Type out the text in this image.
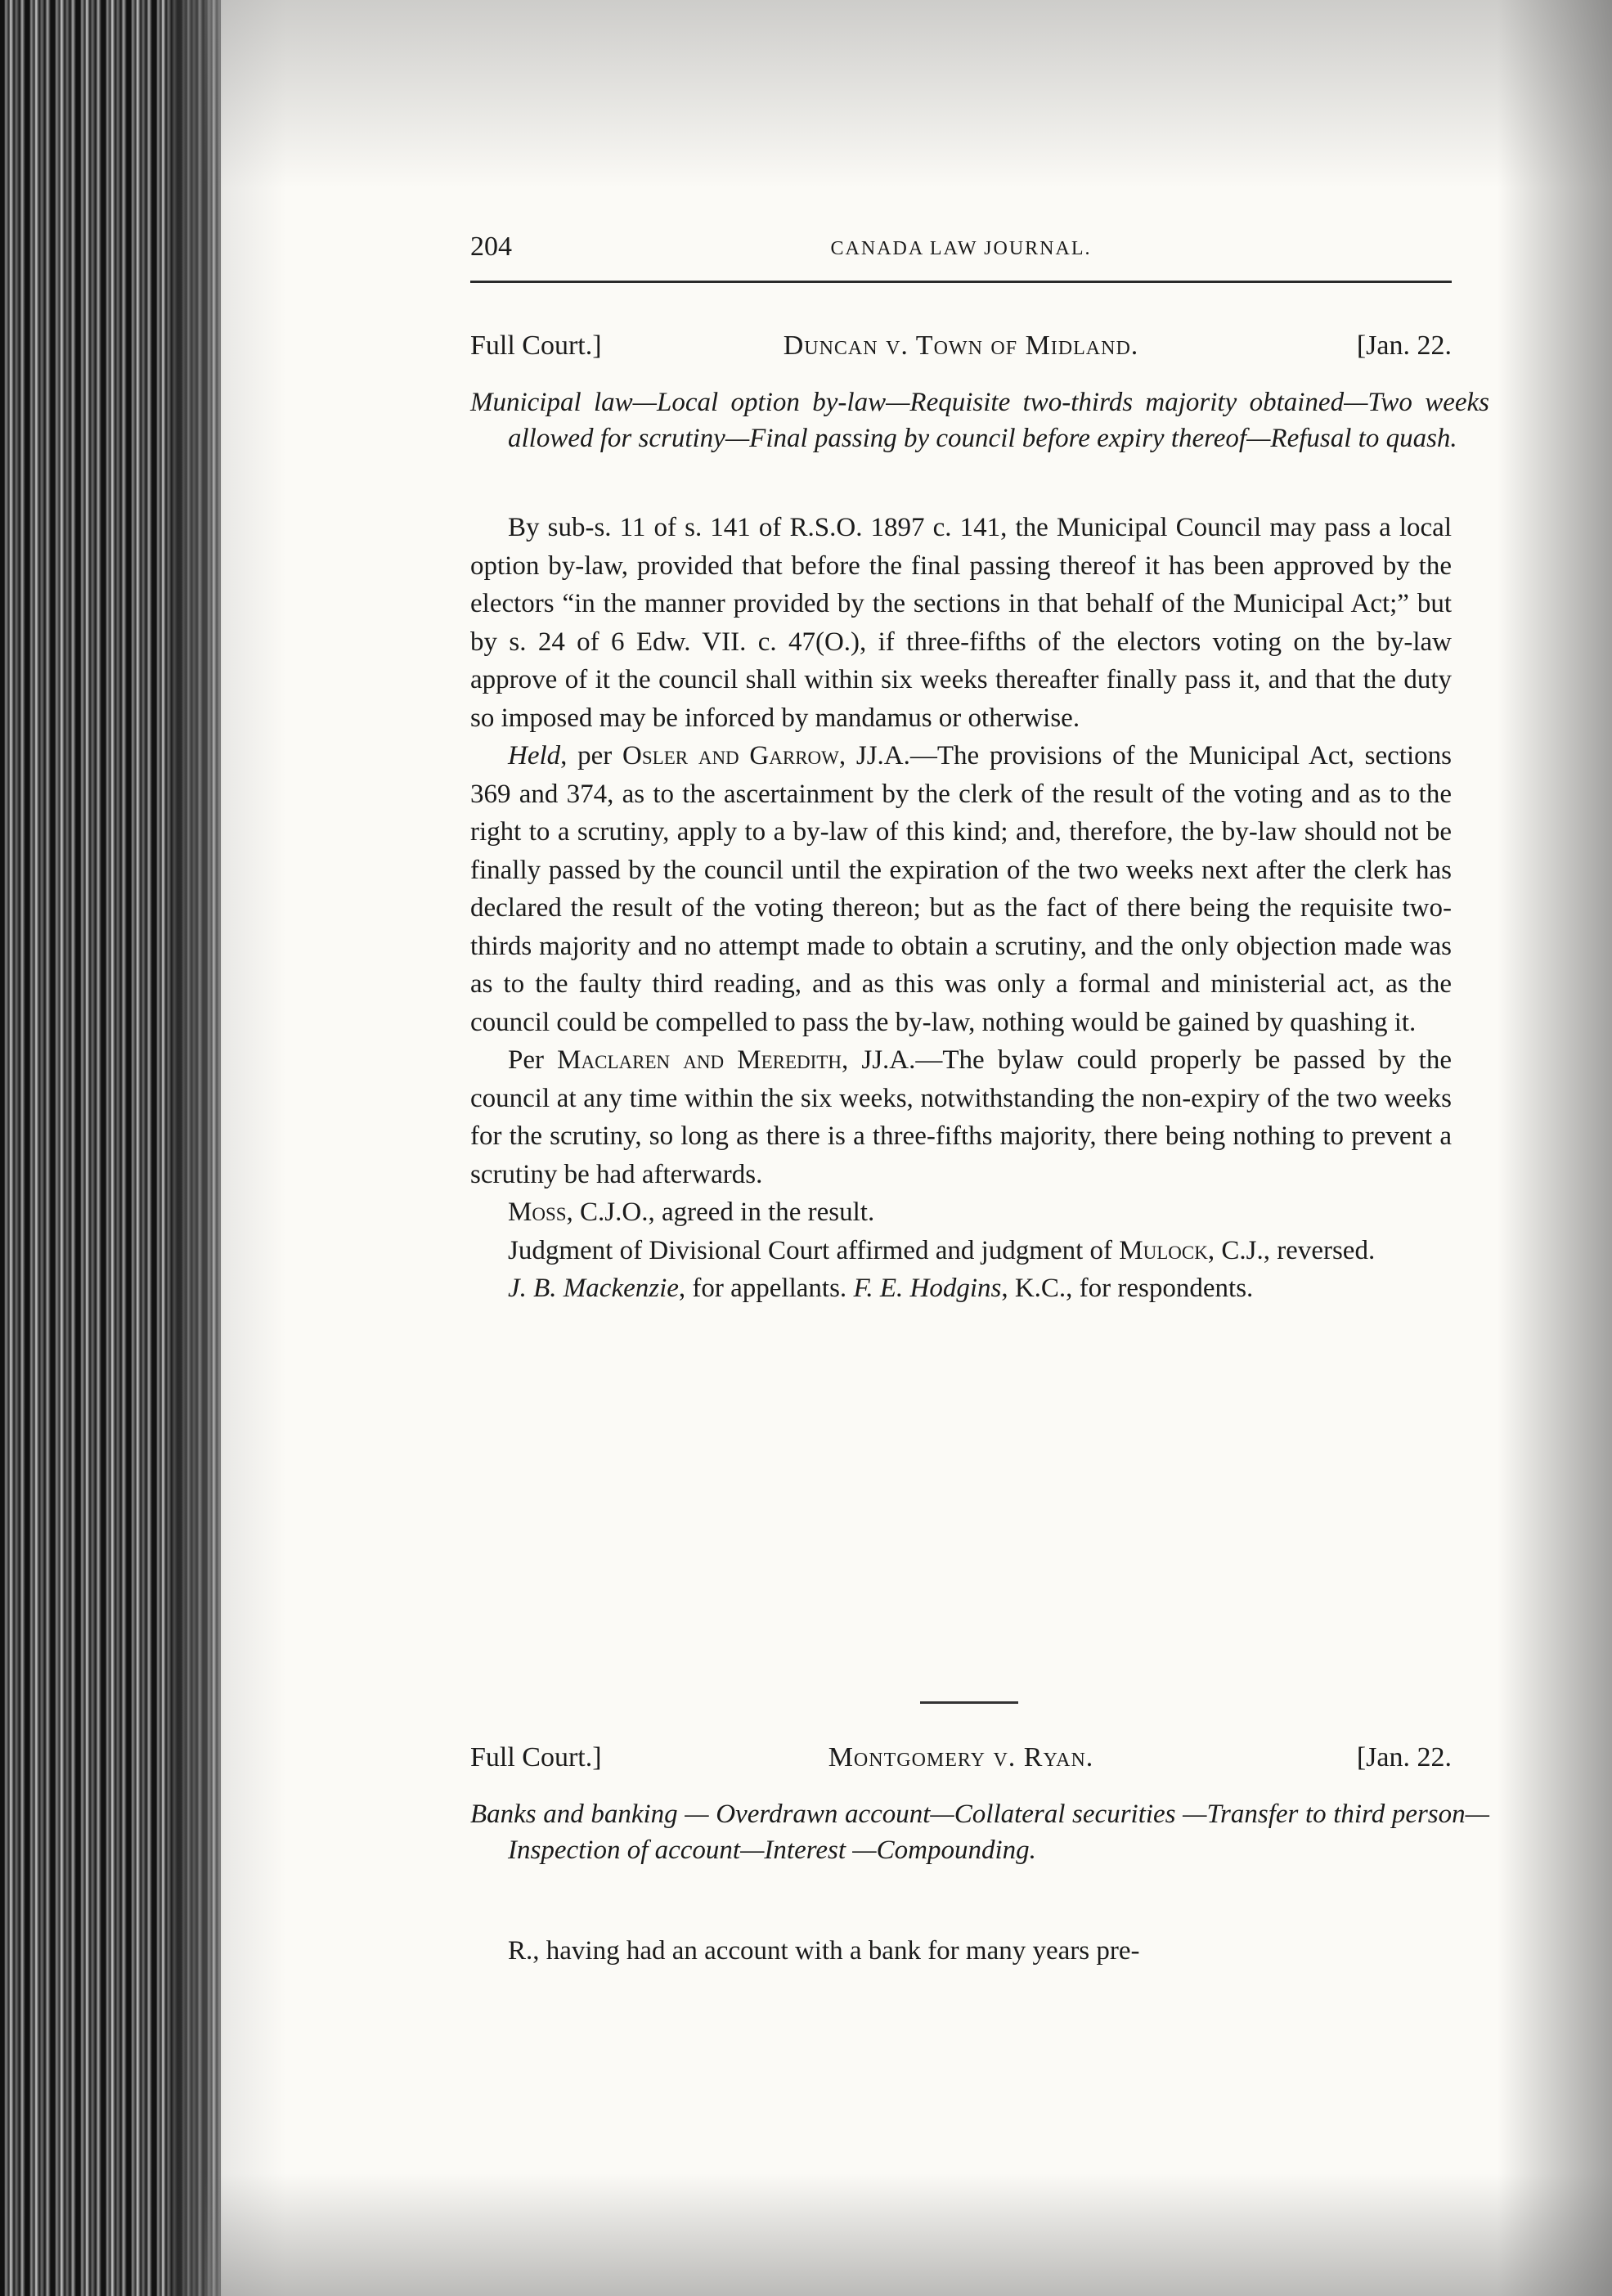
204	CANADA LAW JOURNAL.
Full Court.]	Duncan v. Town of Midland.	[Jan. 22.
Municipal law—Local option by-law—Requisite two-thirds majority obtained—Two weeks allowed for scrutiny—Final passing by council before expiry thereof—Refusal to quash.

By sub-s. 11 of s. 141 of R.S.O. 1897 c. 141, the Municipal Council may pass a local option by-law, provided that before the final passing thereof it has been approved by the electors “in the manner provided by the sections in that behalf of the Municipal Act;” but by s. 24 of 6 Edw. VII. c. 47(O.), if three-fifths of the electors voting on the by-law approve of it the council shall within six weeks thereafter finally pass it, and that the duty so imposed may be inforced by mandamus or otherwise.

Held, per Osler and Garrow, JJ.A.—The provisions of the Municipal Act, sections 369 and 374, as to the ascertainment by the clerk of the result of the voting and as to the right to a scrutiny, apply to a by-law of this kind; and, therefore, the by-law should not be finally passed by the council until the expiration of the two weeks next after the clerk has declared the result of the voting thereon; but as the fact of there being the requisite two-thirds majority and no attempt made to obtain a scrutiny, and the only objection made was as to the faulty third reading, and as this was only a formal and ministerial act, as the council could be compelled to pass the by-law, nothing would be gained by quashing it.

Per Maclaren and Meredith, JJ.A.—The bylaw could properly be passed by the council at any time within the six weeks, notwithstanding the non-expiry of the two weeks for the scrutiny, so long as there is a three-fifths majority, there being nothing to prevent a scrutiny be had afterwards.

Moss, C.J.O., agreed in the result.

Judgment of Divisional Court affirmed and judgment of Mulock, C.J., reversed.

J. B. Mackenzie, for appellants. F. E. Hodgins, K.C., for respondents.

Full Court.]	Montgomery v. Ryan.	[Jan. 22.
Banks and banking — Overdrawn account—Collateral securities —Transfer to third person—Inspection of account—Interest —Compounding.

R., having had an account with a bank for many years pre-
